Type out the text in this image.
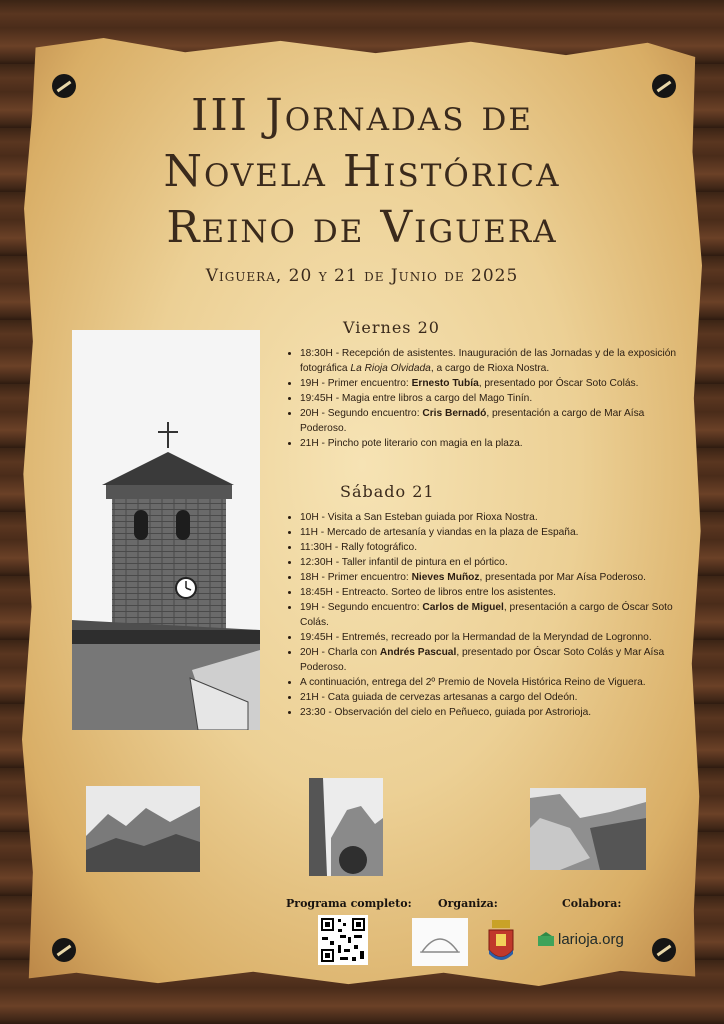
III Jornadas de
Novela Histórica
Reino de Viguera
Viguera, 20 y 21 de Junio de 2025
Viernes 20
• 18:30H - Recepción de asistentes. Inauguración de las Jornadas y de la exposición fotográfica La Rioja Olvidada, a cargo de Rioxa Nostra.
• 19H - Primer encuentro: Ernesto Tubía, presentado por Óscar Soto Colás.
• 19:45H - Magia entre libros a cargo del Mago Tinín.
• 20H - Segundo encuentro: Cris Bernadó, presentación a cargo de Mar Aísa Poderoso.
• 21H - Pincho pote literario con magia en la plaza.
Sábado 21
• 10H - Visita a San Esteban guiada por Rioxa Nostra.
• 11H - Mercado de artesanía y viandas en la plaza de España.
• 11:30H - Rally fotográfico.
• 12:30H - Taller infantil de pintura en el pórtico.
• 18H - Primer encuentro: Nieves Muñoz, presentada por Mar Aísa Poderoso.
• 18:45H - Entreacto. Sorteo de libros entre los asistentes.
• 19H - Segundo encuentro: Carlos de Miguel, presentación a cargo de Óscar Soto Colás.
• 19:45H - Entremés, recreado por la Hermandad de la Meryndad de Logronno.
• 20H - Charla con Andrés Pascual, presentado por Óscar Soto Colás y Mar Aísa Poderoso.
• A continuación, entrega del 2º Premio de Novela Histórica Reino de Viguera.
• 21H - Cata guiada de cervezas artesanas a cargo del Odeón.
• 23:30 - Observación del cielo en Peñueco, guiada por Astrorioja.
Programa completo: Organiza:	Colabora:
larioja.org
